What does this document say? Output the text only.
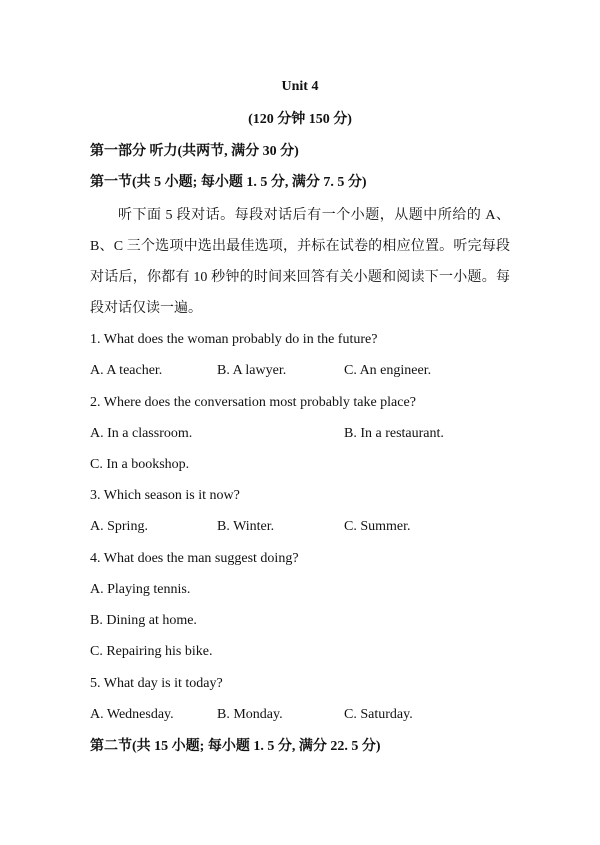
Unit 4
(120 分钟 150 分)
第一部分 听力(共两节, 满分 30 分)
第一节(共 5 小题; 每小题 1. 5 分, 满分 7. 5 分)
听下面 5 段对话。每段对话后有一个小题，从题中所给的 A、B、C 三个选项中选出最佳选项，并标在试卷的相应位置。听完每段对话后，你都有 10 秒钟的时间来回答有关小题和阅读下一小题。每段对话仅读一遍。
1. What does the woman probably do in the future?
A. A teacher.	B. A lawyer.	C. An engineer.
2. Where does the conversation most probably take place?
A. In a classroom.	B. In a restaurant.
C. In a bookshop.
3. Which season is it now?
A. Spring.	B. Winter.	C. Summer.
4. What does the man suggest doing?
A. Playing tennis.
B. Dining at home.
C. Repairing his bike.
5. What day is it today?
A. Wednesday.	B. Monday.	C. Saturday.
第二节(共 15 小题; 每小题 1. 5 分, 满分 22. 5 分)
